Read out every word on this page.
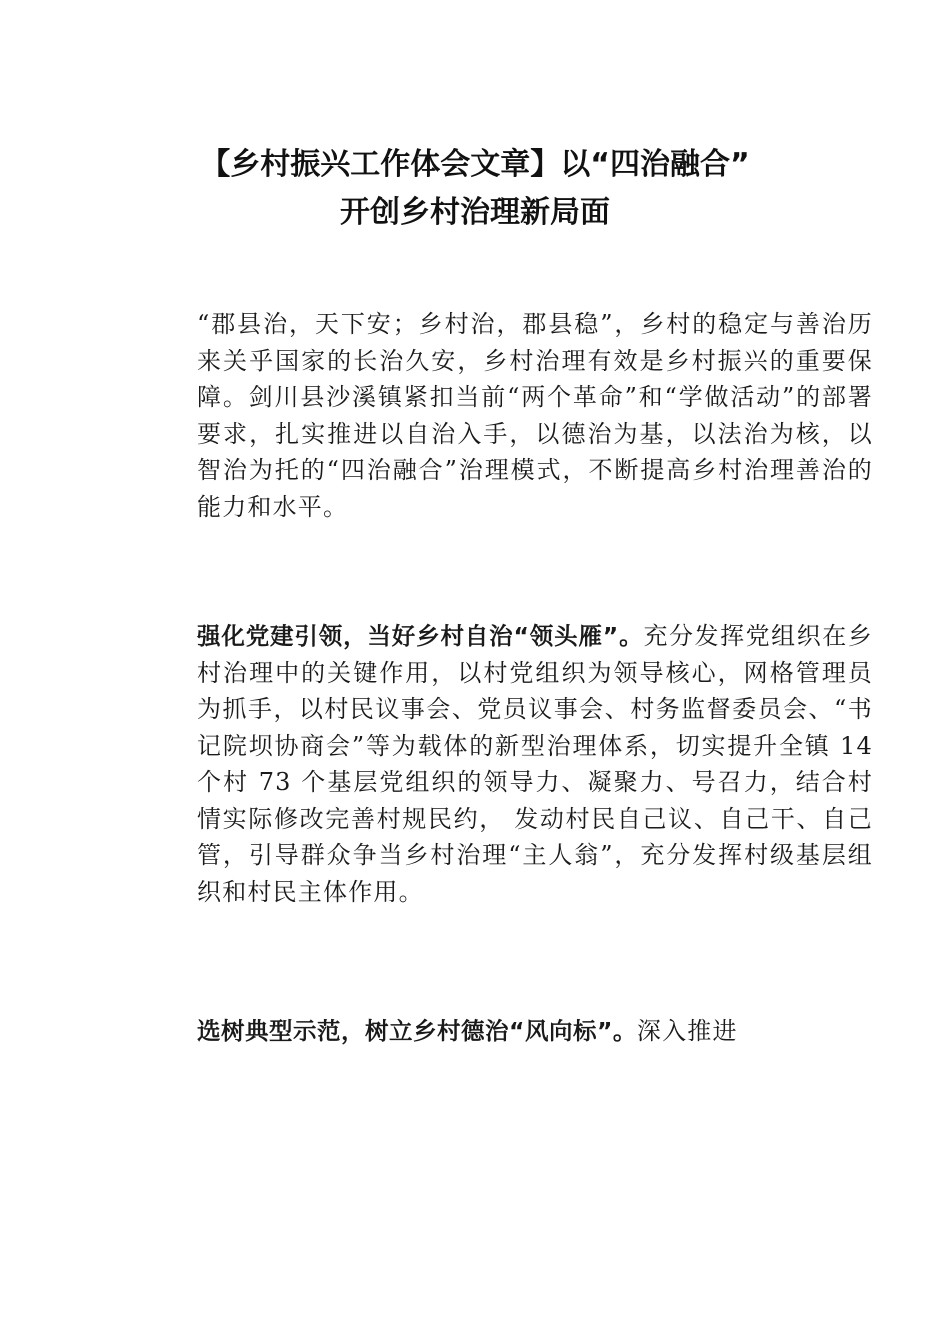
【乡村振兴工作体会文章】以“四治融合”
开创乡村治理新局面

“郡县治，天下安；乡村治，郡县稳”，乡村的稳定与善治历来关乎国家的长治久安，乡村治理有效是乡村振兴的重要保障。剑川县沙溪镇紧扣当前“两个革命”和“学做活动”的部署要求，扎实推进以自治入手，以德治为基，以法治为核，以智治为托的“四治融合”治理模式，不断提高乡村治理善治的能力和水平。

强化党建引领，当好乡村自治“领头雁”。充分发挥党组织在乡村治理中的关键作用，以村党组织为领导核心，网格管理员为抓手，以村民议事会、党员议事会、村务监督委员会、“书记院坝协商会”等为载体的新型治理体系，切实提升全镇 14 个村 73 个基层党组织的领导力、凝聚力、号召力，结合村情实际修改完善村规民约， 发动村民自己议、自己干、自己管，引导群众争当乡村治理“主人翁”，充分发挥村级基层组织和村民主体作用。

选树典型示范，树立乡村德治“风向标”。深入推进
